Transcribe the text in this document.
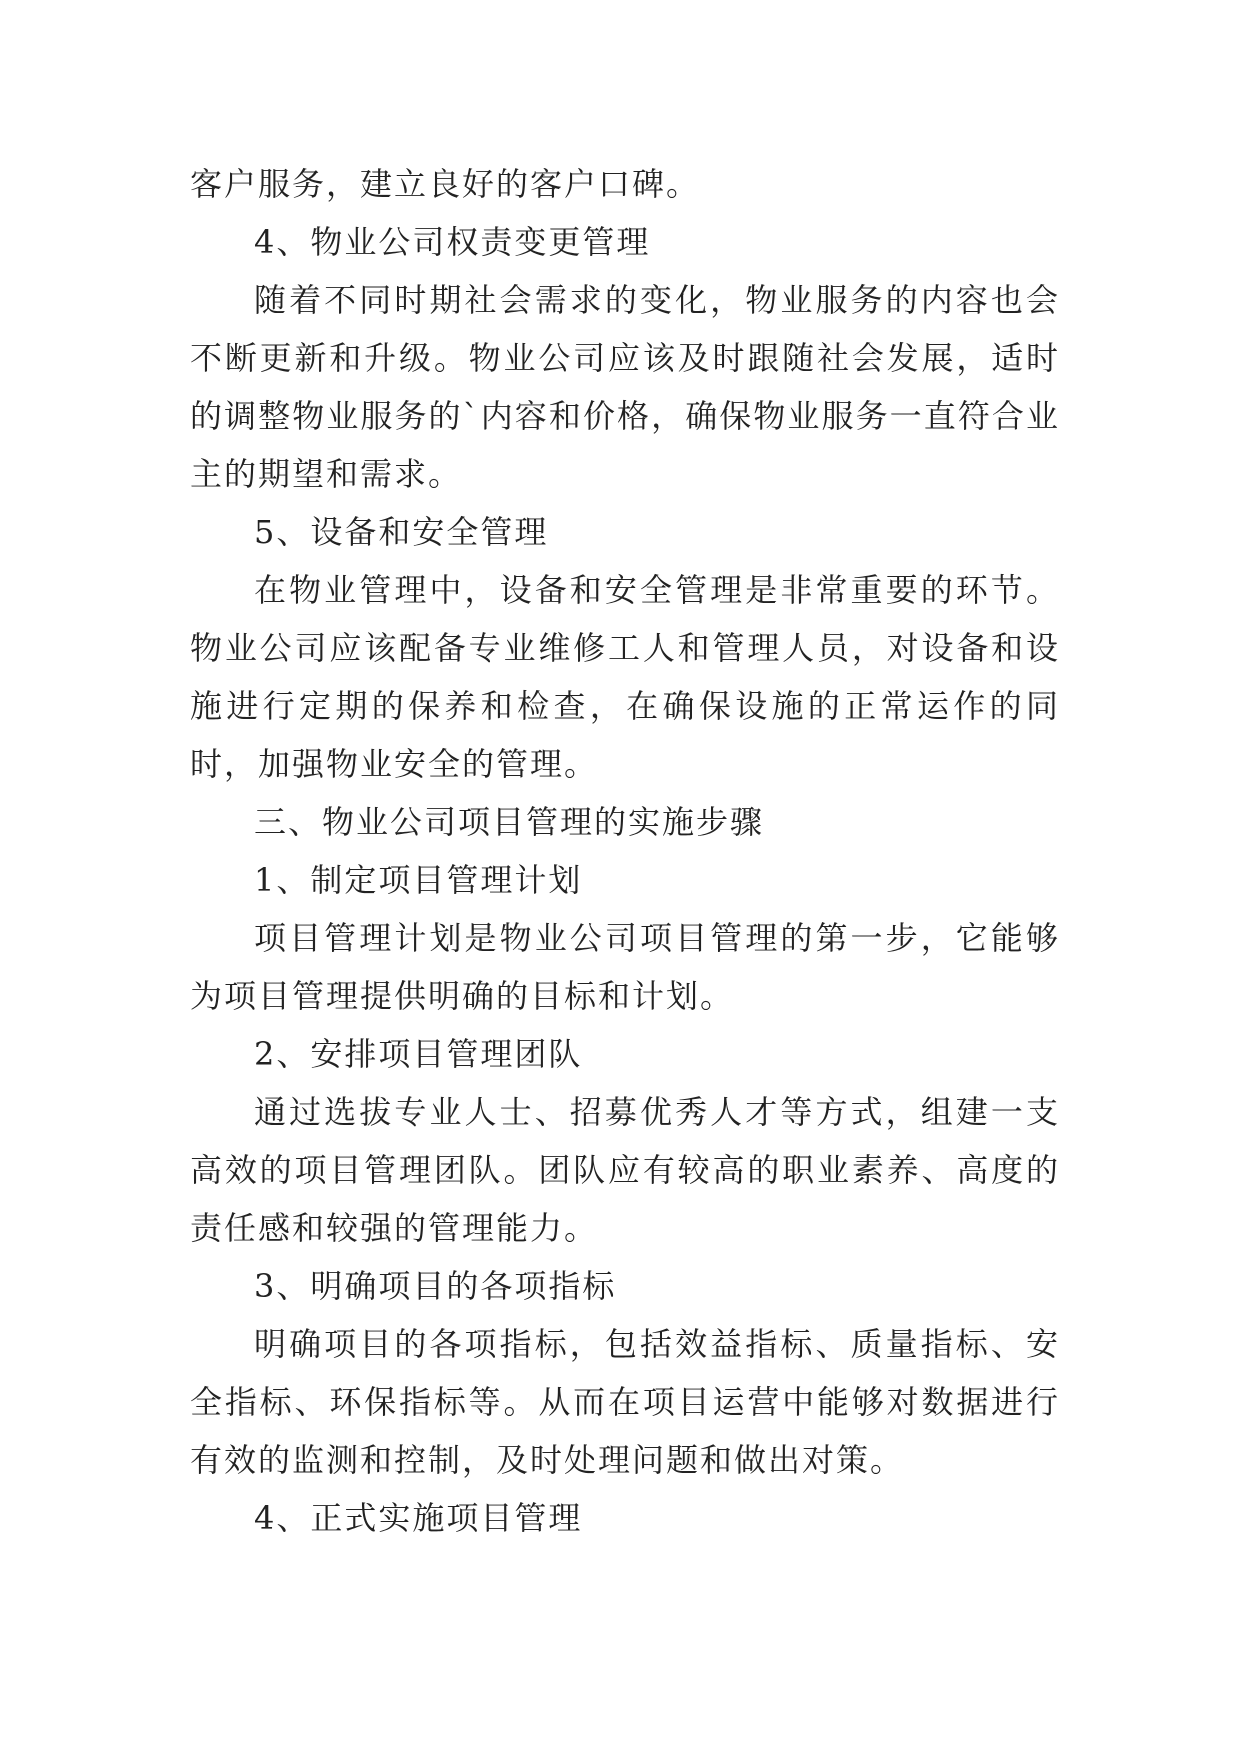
客户服务，建立良好的客户口碑。

4、物业公司权责变更管理

随着不同时期社会需求的变化，物业服务的内容也会不断更新和升级。物业公司应该及时跟随社会发展，适时的调整物业服务的`内容和价格，确保物业服务一直符合业主的期望和需求。

5、设备和安全管理

在物业管理中，设备和安全管理是非常重要的环节。物业公司应该配备专业维修工人和管理人员，对设备和设施进行定期的保养和检查，在确保设施的正常运作的同时，加强物业安全的管理。

三、物业公司项目管理的实施步骤

1、制定项目管理计划

项目管理计划是物业公司项目管理的第一步，它能够为项目管理提供明确的目标和计划。

2、安排项目管理团队

通过选拔专业人士、招募优秀人才等方式，组建一支高效的项目管理团队。团队应有较高的职业素养、高度的责任感和较强的管理能力。

3、明确项目的各项指标

明确项目的各项指标，包括效益指标、质量指标、安全指标、环保指标等。从而在项目运营中能够对数据进行有效的监测和控制，及时处理问题和做出对策。

4、正式实施项目管理
